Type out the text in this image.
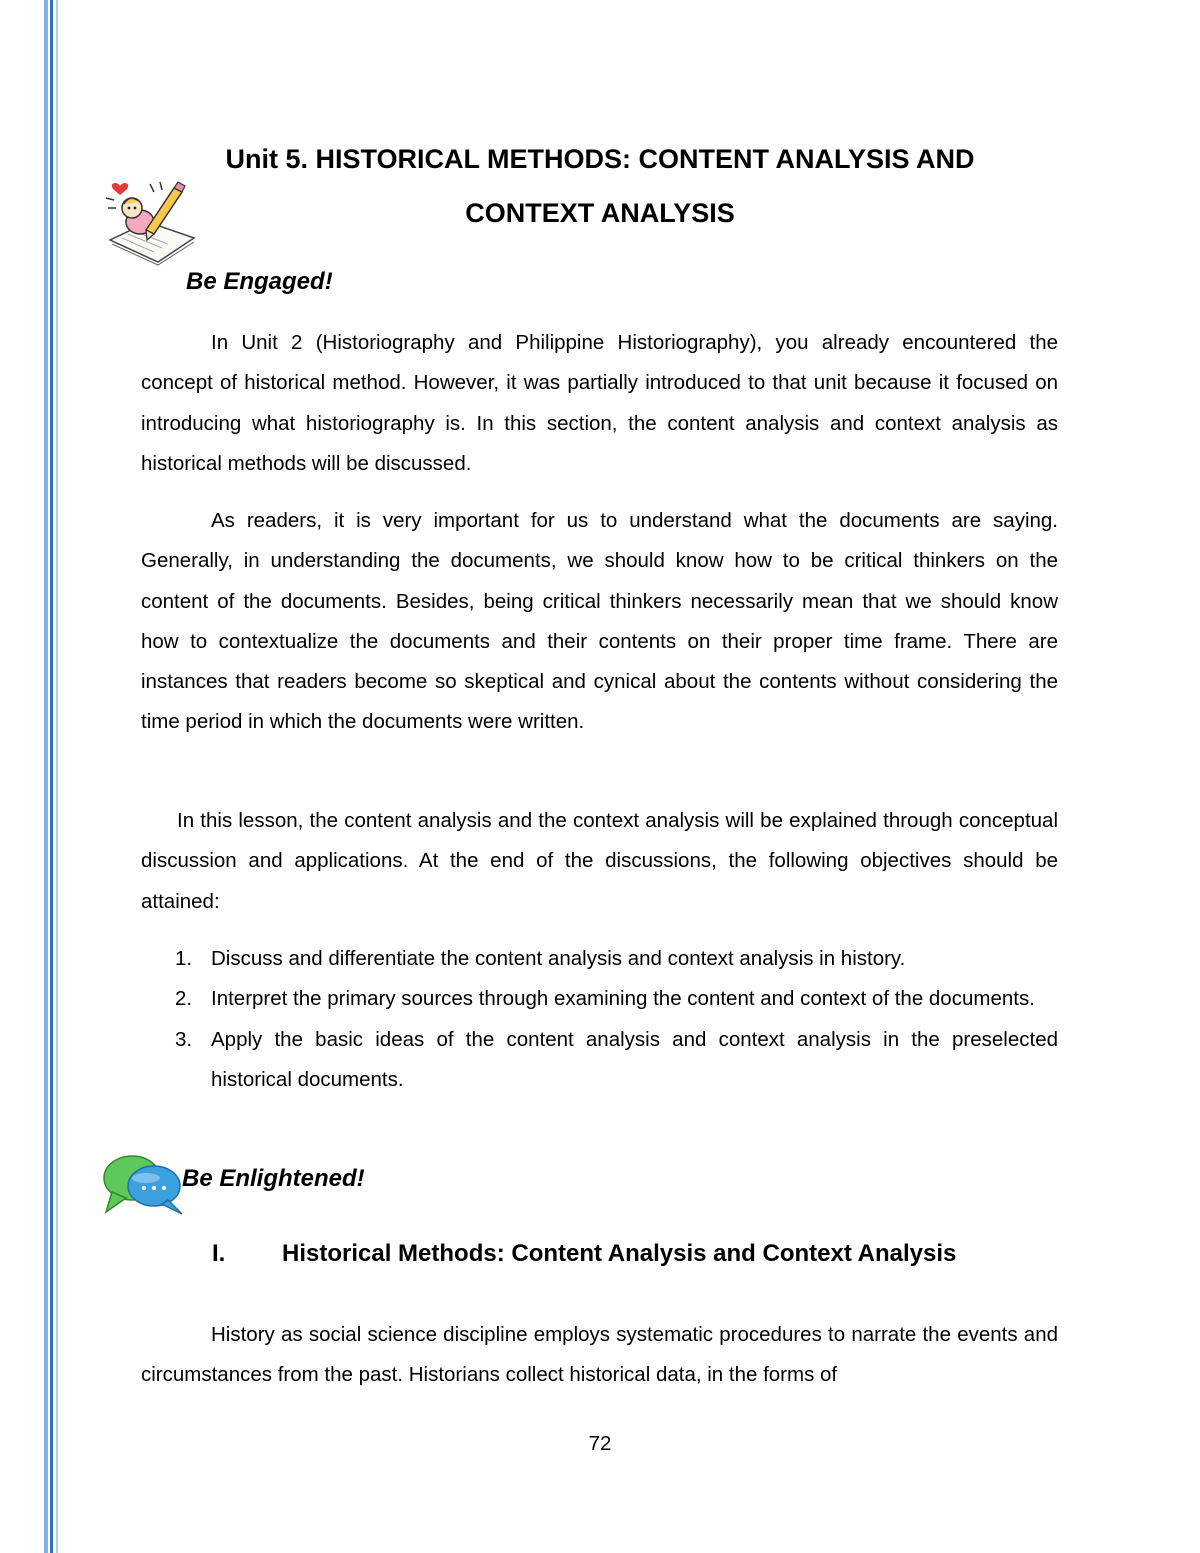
Unit 5. HISTORICAL METHODS: CONTENT ANALYSIS AND
CONTEXT ANALYSIS
Be Engaged!

In Unit 2 (Historiography and Philippine Historiography), you already encountered the concept of historical method. However, it was partially introduced to that unit because it focused on introducing what historiography is. In this section, the content analysis and context analysis as historical methods will be discussed.

As readers, it is very important for us to understand what the documents are saying. Generally, in understanding the documents, we should know how to be critical thinkers on the content of the documents. Besides, being critical thinkers necessarily mean that we should know how to contextualize the documents and their contents on their proper time frame. There are instances that readers become so skeptical and cynical about the contents without considering the time period in which the documents were written.

In this lesson, the content analysis and the context analysis will be explained through conceptual discussion and applications. At the end of the discussions, the following objectives should be attained:

1. Discuss and differentiate the content analysis and context analysis in history.
2. Interpret the primary sources through examining the content and context of the documents.
3. Apply the basic ideas of the content analysis and context analysis in the preselected historical documents.
Be Enlightened!
I. Historical Methods: Content Analysis and Context Analysis

History as social science discipline employs systematic procedures to narrate the events and circumstances from the past. Historians collect historical data, in the forms of

72
